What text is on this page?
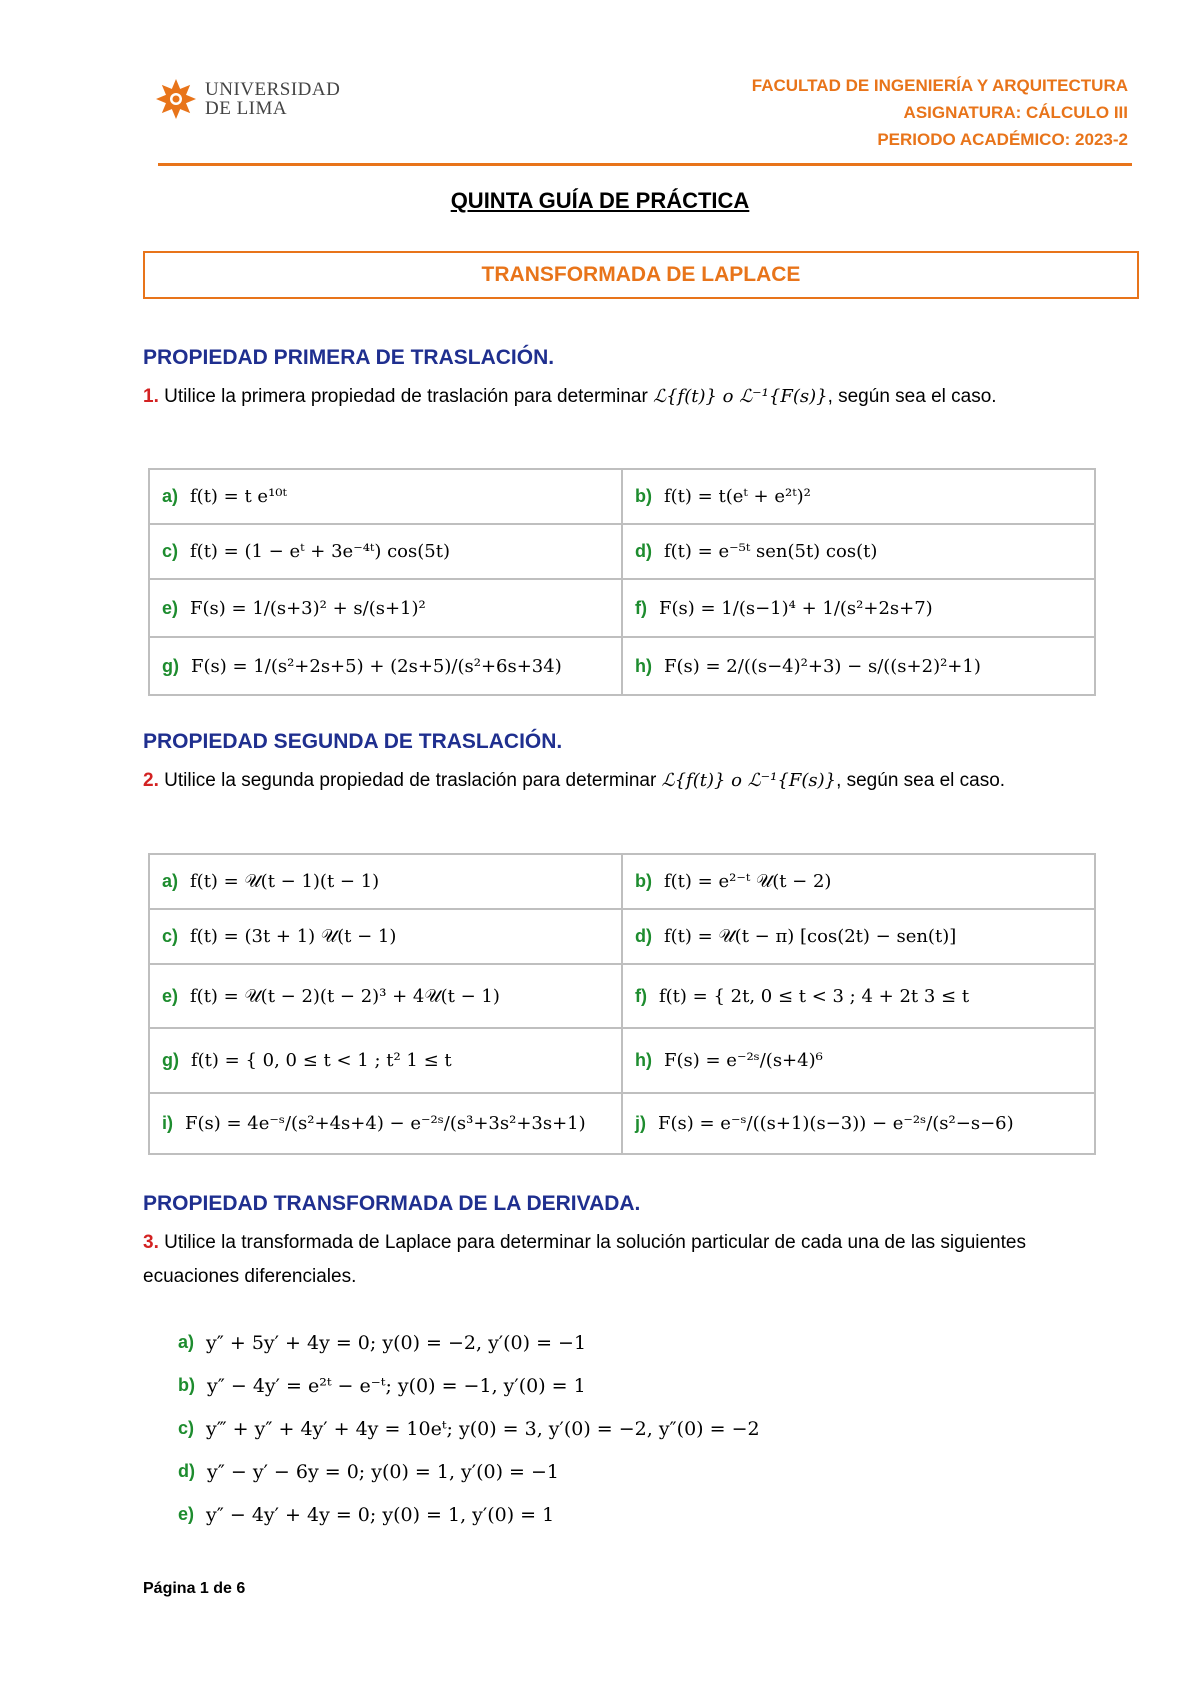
UNIVERSIDAD
DE LIMA
FACULTAD DE INGENIERÍA Y ARQUITECTURA
ASIGNATURA: CÁLCULO III
PERIODO ACADÉMICO: 2023-2
QUINTA GUÍA DE PRÁCTICA
TRANSFORMADA DE LAPLACE
PROPIEDAD PRIMERA DE TRASLACIÓN.
1. Utilice la primera propiedad de traslación para determinar ℒ{f(t)} o ℒ⁻¹{F(s)}, según sea el caso.
a) f(t) = t e¹⁰ᵗ	b) f(t) = t(eᵗ + e²ᵗ)²
c) f(t) = (1 − eᵗ + 3e⁻⁴ᵗ) cos(5t)	d) f(t) = e⁻⁵ᵗ sen(5t) cos(t)
e) F(s) = 1/(s+3)² + s/(s+1)²	f) F(s) = 1/(s−1)⁴ + 1/(s²+2s+7)
g) F(s) = 1/(s²+2s+5) + (2s+5)/(s²+6s+34)	h) F(s) = 2/((s−4)²+3) − s/((s+2)²+1)
PROPIEDAD SEGUNDA DE TRASLACIÓN.
2. Utilice la segunda propiedad de traslación para determinar ℒ{f(t)} o ℒ⁻¹{F(s)}, según sea el caso.
a) f(t) = 𝒰(t − 1)(t − 1)	b) f(t) = e²⁻ᵗ 𝒰(t − 2)
c) f(t) = (3t + 1) 𝒰(t − 1)	d) f(t) = 𝒰(t − π) [cos(2t) − sen(t)]
e) f(t) = 𝒰(t − 2)(t − 2)³ + 4𝒰(t − 1)	f) f(t) = { 2t, 0 ≤ t < 3 ; 4 + 2t 3 ≤ t
g) f(t) = { 0, 0 ≤ t < 1 ; t² 1 ≤ t	h) F(s) = e⁻²ˢ/(s+4)⁶
i) F(s) = 4e⁻ˢ/(s²+4s+4) − e⁻²ˢ/(s³+3s²+3s+1)	j) F(s) = e⁻ˢ/((s+1)(s−3)) − e⁻²ˢ/(s²−s−6)
PROPIEDAD TRANSFORMADA DE LA DERIVADA.
3. Utilice la transformada de Laplace para determinar la solución particular de cada una de las siguientes ecuaciones diferenciales.
a) y″ + 5y′ + 4y = 0; y(0) = −2, y′(0) = −1
b) y″ − 4y′ = e²ᵗ − e⁻ᵗ; y(0) = −1, y′(0) = 1
c) y‴ + y″ + 4y′ + 4y = 10eᵗ; y(0) = 3, y′(0) = −2, y″(0) = −2
d) y″ − y′ − 6y = 0; y(0) = 1, y′(0) = −1
e) y″ − 4y′ + 4y = 0; y(0) = 1, y′(0) = 1
Página 1 de 6
